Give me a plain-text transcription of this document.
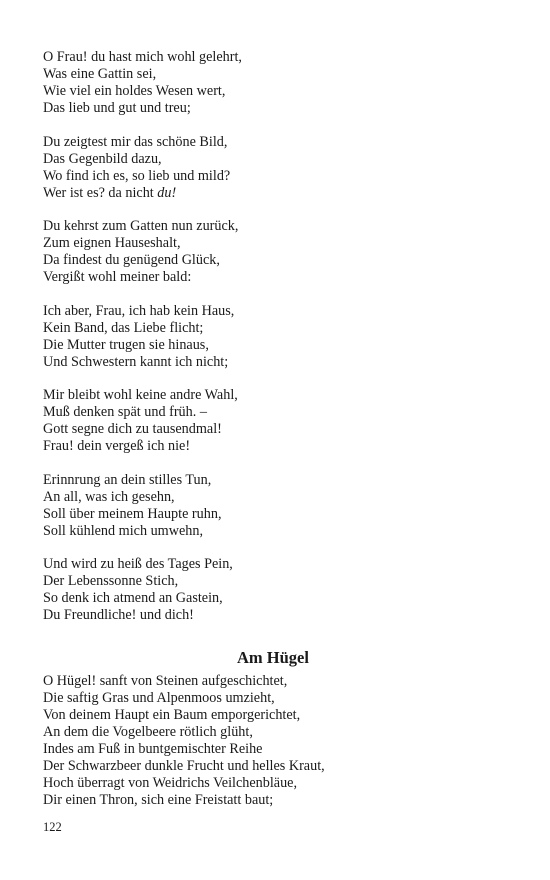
O Frau! du hast mich wohl gelehrt,
Was eine Gattin sei,
Wie viel ein holdes Wesen wert,
Das lieb und gut und treu;
Du zeigtest mir das schöne Bild,
Das Gegenbild dazu,
Wo find ich es, so lieb und mild?
Wer ist es? da nicht du!
Du kehrst zum Gatten nun zurück,
Zum eignen Hauseshalt,
Da findest du genügend Glück,
Vergißt wohl meiner bald:
Ich aber, Frau, ich hab kein Haus,
Kein Band, das Liebe flicht;
Die Mutter trugen sie hinaus,
Und Schwestern kannt ich nicht;
Mir bleibt wohl keine andre Wahl,
Muß denken spät und früh. –
Gott segne dich zu tausendmal!
Frau! dein vergeß ich nie!
Erinnrung an dein stilles Tun,
An all, was ich gesehn,
Soll über meinem Haupte ruhn,
Soll kühlend mich umwehn,
Und wird zu heiß des Tages Pein,
Der Lebenssonne Stich,
So denk ich atmend an Gastein,
Du Freundliche! und dich!
Am Hügel
O Hügel! sanft von Steinen aufgeschichtet,
Die saftig Gras und Alpenmoos umzieht,
Von deinem Haupt ein Baum emporgerichtet,
An dem die Vogelbeere rötlich glüht,
Indes am Fuß in buntgemischter Reihe
Der Schwarzbeer dunkle Frucht und helles Kraut,
Hoch überragt von Weidrichs Veilchenbläue,
Dir einen Thron, sich eine Freistatt baut;
122
